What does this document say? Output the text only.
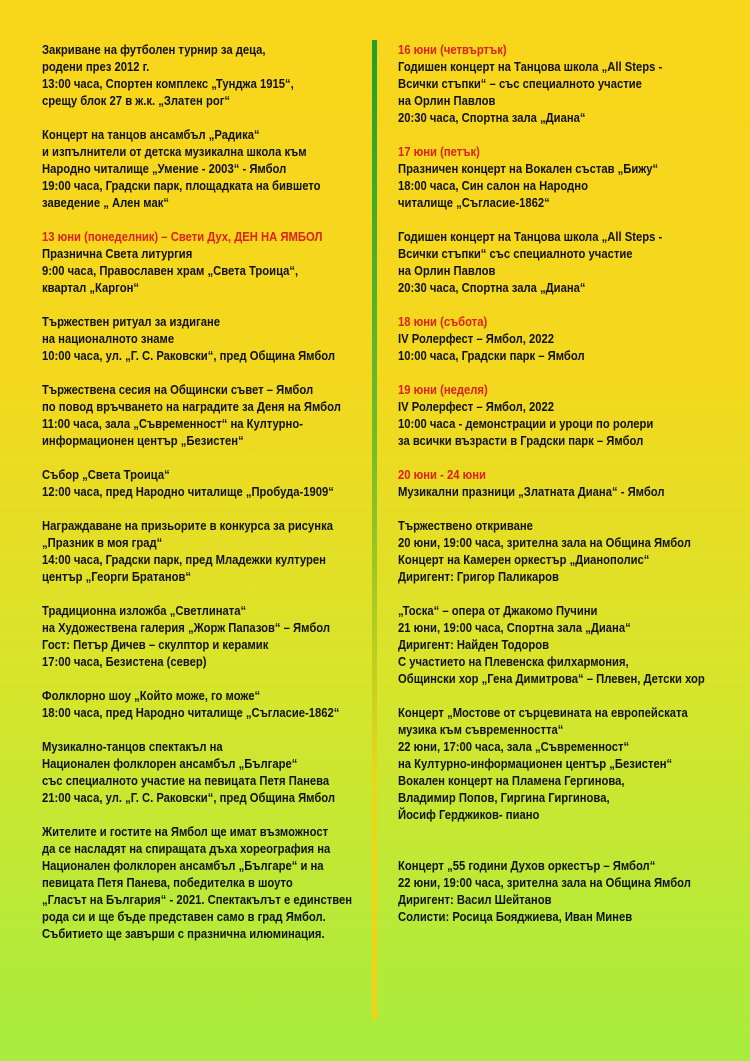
Закриване на футболен турнир за деца,
родени през 2012 г.
13:00 часа, Спортен комплекс „Тунджа 1915“,
срещу блок 27 в ж.к. „Златен рог“
Концерт на танцов ансамбъл „Радика“
и изпълнители от детска музикална школа към
Народно читалище „Умение - 2003“ - Ямбол
19:00 часа, Градски парк, площадката на бившето
заведение „ Ален мак“
13 юни (понеделник) – Свети Дух, ДЕН НА ЯМБОЛ
Празнична Света литургия
9:00 часа, Православен храм „Света Троица“,
квартал „Каргон“
Тържествен ритуал за издигане
на националното знаме
10:00 часа, ул. „Г. С. Раковски“, пред Община Ямбол
Тържествена сесия на Общински съвет – Ямбол
по повод връчването на наградите за Деня на Ямбол
11:00 часа, зала „Съвременност“ на Културно-
информационен център „Безистен“
Събор „Света Троица“
12:00 часа, пред Народно читалище „Пробуда-1909“
Награждаване на призьорите в конкурса за рисунка
„Празник в моя град“
14:00 часа, Градски парк, пред Младежки културен
център „Георги Братанов“
Традиционна изложба „Светлината“
на Художествена галерия „Жорж Папазов“ – Ямбол
Гост: Петър Дичев – скулптор и керамик
17:00 часа, Безистена (север)
Фолклорно шоу „Който може, го може“
18:00 часа, пред Народно читалище „Съгласие-1862“
Музикално-танцов спектакъл на
Национален фолклорен ансамбъл „Българе“
със специалното участие на певицата Петя Панева
21:00 часа, ул. „Г. С. Раковски“, пред Община Ямбол
Жителите и гостите на Ямбол ще имат възможност
да се насладят на спиращата дъха хореография на
Национален фолклорен ансамбъл „Българе“ и на
певицата Петя Панева, победителка в шоуто
„Гласът на България“ - 2021. Спектакълът е единствен
рода си и ще бъде представен само в град Ямбол.
Събитието ще завърши с празнична илюминация.
16 юни (четвъртък)
Годишен концерт на Танцова школа „All Steps -
Всички стъпки“ – със специалното участие
на Орлин Павлов
20:30 часа, Спортна зала „Диана“
17 юни (петък)
Празничен концерт на Вокален състав „Бижу“
18:00 часа, Син салон на Народно
читалище „Съгласие-1862“
Годишен концерт на Танцова школа „All Steps -
Всички стъпки“ със специалното участие
на Орлин Павлов
20:30 часа, Спортна зала „Диана“
18 юни (събота)
IV Ролерфест – Ямбол, 2022
10:00 часа, Градски парк – Ямбол
19 юни (неделя)
IV Ролерфест – Ямбол, 2022
10:00 часа - демонстрации и уроци по ролери
за всички възрасти в Градски парк – Ямбол
20 юни - 24 юни
Музикални празници „Златната Диана“ - Ямбол
Тържествено откриване
20 юни, 19:00 часа, зрителна зала на Община Ямбол
Концерт на Камерен оркестър „Дианополис“
Диригент: Григор Паликаров
„Тоска“ – опера от Джакомо Пучини
21 юни, 19:00 часа, Спортна зала „Диана“
Диригент: Найден Тодоров
С участието на Плевенска филхармония,
Общински хор „Гена Димитрова“ – Плевен, Детски хор
Концерт „Мостове от сърцевината на европейската
музика към съвременността“
22 юни, 17:00 часа, зала „Съвременност“
на Културно-информационен център „Безистен“
Вокален концерт на Пламена Гергинова,
Владимир Попов, Гиргина Гиргинова,
Йосиф Герджиков- пиано
Концерт „55 години Духов оркестър – Ямбол“
22 юни, 19:00 часа, зрителна зала на Община Ямбол
Диригент: Васил Шейтанов
Солисти: Росица Бояджиева, Иван Минев
